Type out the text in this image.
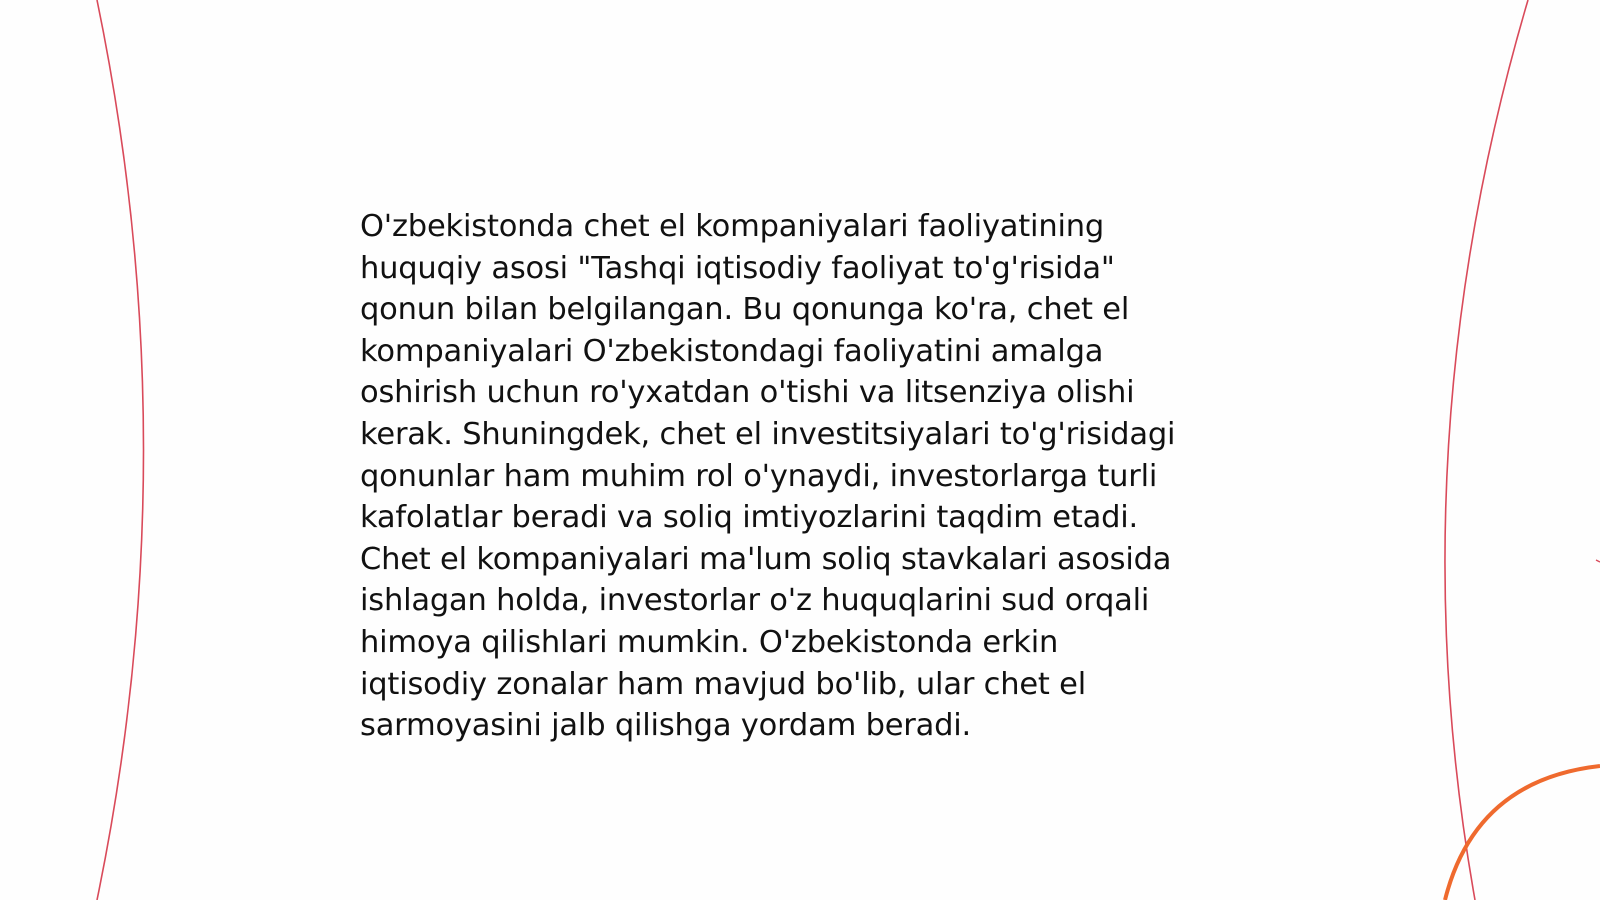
O'zbekistonda chet el kompaniyalari faoliyatining
huquqiy asosi "Tashqi iqtisodiy faoliyat to'g'risida"
qonun bilan belgilangan. Bu qonunga ko'ra, chet el
kompaniyalari O'zbekistondagi faoliyatini amalga
oshirish uchun ro'yxatdan o'tishi va litsenziya olishi
kerak. Shuningdek, chet el investitsiyalari to'g'risidagi
qonunlar ham muhim rol o'ynaydi, investorlarga turli
kafolatlar beradi va soliq imtiyozlarini taqdim etadi.
Chet el kompaniyalari ma'lum soliq stavkalari asosida
ishlagan holda, investorlar o'z huquqlarini sud orqali
himoya qilishlari mumkin. O'zbekistonda erkin
iqtisodiy zonalar ham mavjud bo'lib, ular chet el
sarmoyasini jalb qilishga yordam beradi.
